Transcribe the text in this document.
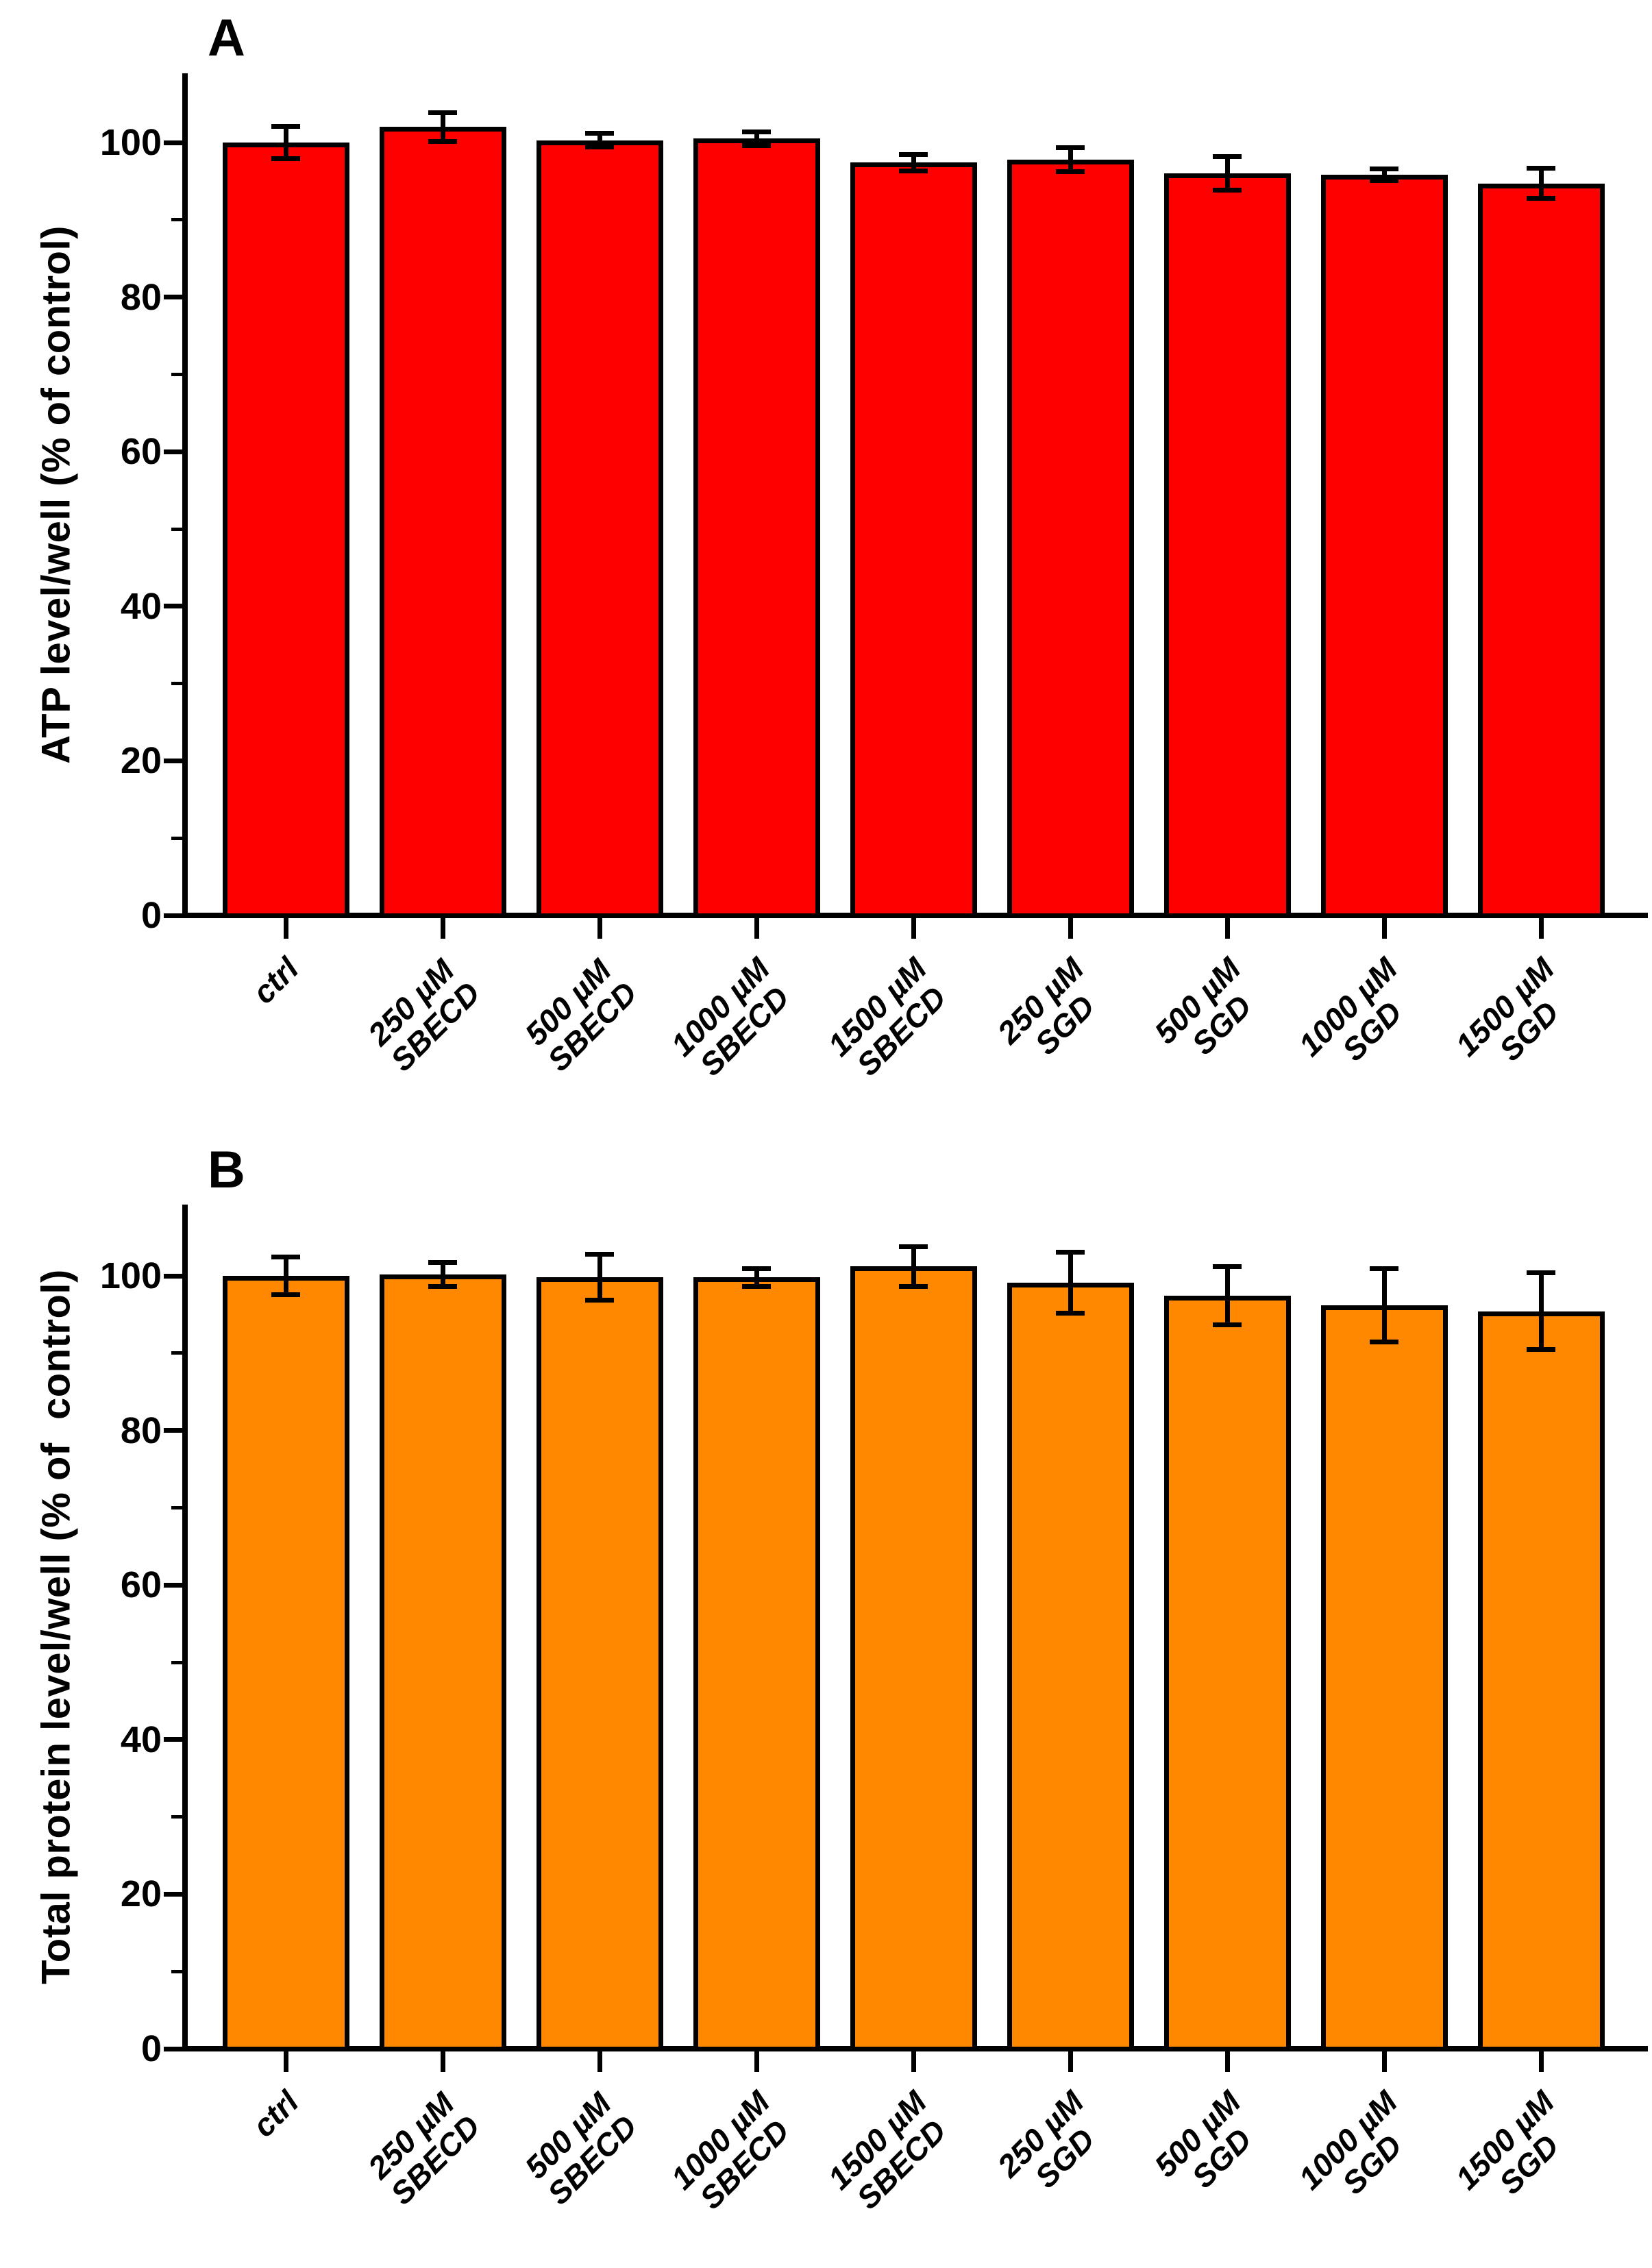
A
ATP level/well (% of control)
0
20
40
60
80
100
ctrl 250 µM
SBECD 500 µM
SBECD 1000 µM
SBECD 1500 µM
SBECD 250 µM
SGD	500 µM
SGD	1000 µM
SGD	1500 µM
SGD
B
Total protein level/well (% of  control)
0
20
40
60
80
100
ctrl 250 µM
SBECD 500 µM
SBECD 1000 µM
SBECD 1500 µM
SBECD 250 µM
SGD	500 µM
SGD	1000 µM
SGD	1500 µM
SGD
